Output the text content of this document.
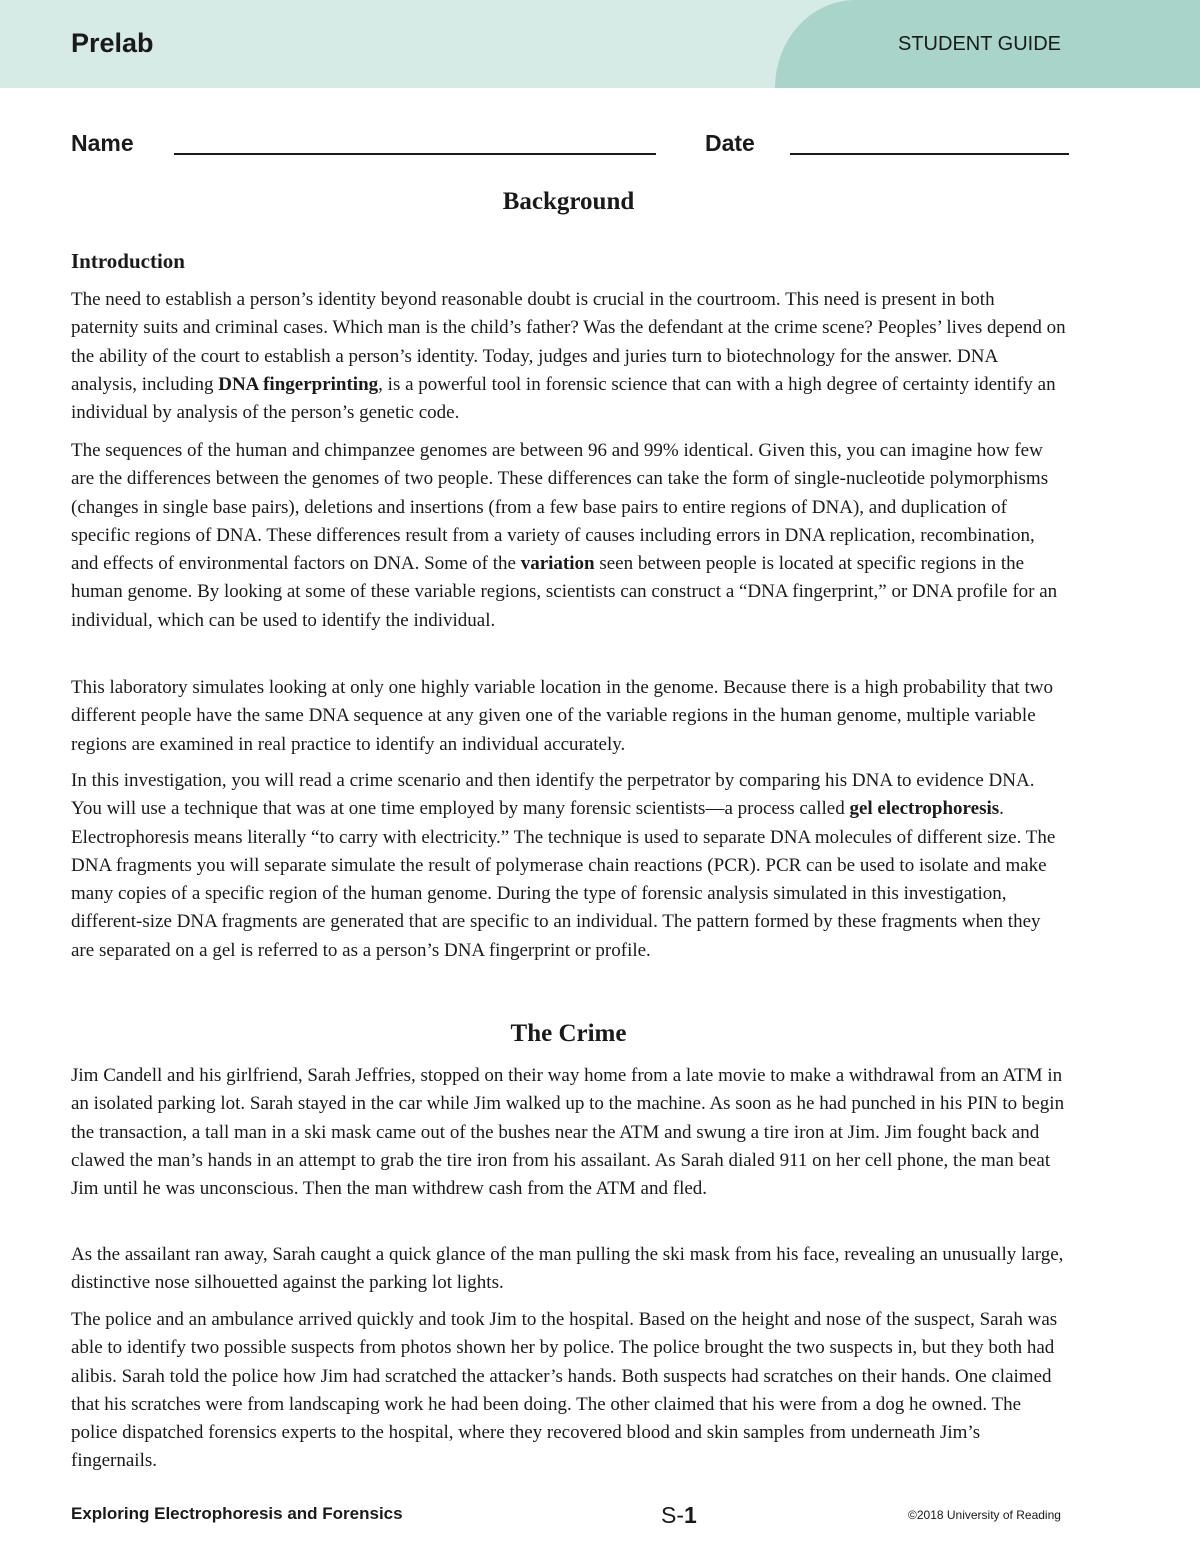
Prelab	STUDENT GUIDE
Name	Date
Background
Introduction
The need to establish a person’s identity beyond reasonable doubt is crucial in the courtroom. This need is present in both paternity suits and criminal cases. Which man is the child’s father? Was the defendant at the crime scene? Peoples’ lives depend on the ability of the court to establish a person’s identity. Today, judges and juries turn to biotechnology for the answer. DNA analysis, including DNA fingerprinting, is a powerful tool in forensic science that can with a high degree of certainty identify an individual by analysis of the person’s genetic code.
The sequences of the human and chimpanzee genomes are between 96 and 99% identical. Given this, you can imagine how few are the differences between the genomes of two people. These differences can take the form of single-nucleotide polymorphisms (changes in single base pairs), deletions and insertions (from a few base pairs to entire regions of DNA), and duplication of specific regions of DNA. These differences result from a variety of causes including errors in DNA replication, recombination, and effects of environmental factors on DNA. Some of the variation seen between people is located at specific regions in the human genome. By looking at some of these variable regions, scientists can construct a “DNA fingerprint,” or DNA profile for an individual, which can be used to identify the individual.
This laboratory simulates looking at only one highly variable location in the genome. Because there is a high probability that two different people have the same DNA sequence at any given one of the variable regions in the human genome, multiple variable regions are examined in real practice to identify an individual accurately.
In this investigation, you will read a crime scenario and then identify the perpetrator by comparing his DNA to evidence DNA. You will use a technique that was at one time employed by many forensic scientists—a process called gel electrophoresis. Electrophoresis means literally “to carry with electricity.” The technique is used to separate DNA molecules of different size. The DNA fragments you will separate simulate the result of polymerase chain reactions (PCR). PCR can be used to isolate and make many copies of a specific region of the human genome. During the type of forensic analysis simulated in this investigation, different-size DNA fragments are generated that are specific to an individual. The pattern formed by these fragments when they are separated on a gel is referred to as a person’s DNA fingerprint or profile.
The Crime
Jim Candell and his girlfriend, Sarah Jeffries, stopped on their way home from a late movie to make a withdrawal from an ATM in an isolated parking lot. Sarah stayed in the car while Jim walked up to the machine. As soon as he had punched in his PIN to begin the transaction, a tall man in a ski mask came out of the bushes near the ATM and swung a tire iron at Jim. Jim fought back and clawed the man’s hands in an attempt to grab the tire iron from his assailant. As Sarah dialed 911 on her cell phone, the man beat Jim until he was unconscious. Then the man withdrew cash from the ATM and fled.
As the assailant ran away, Sarah caught a quick glance of the man pulling the ski mask from his face, revealing an unusually large, distinctive nose silhouetted against the parking lot lights.
The police and an ambulance arrived quickly and took Jim to the hospital. Based on the height and nose of the suspect, Sarah was able to identify two possible suspects from photos shown her by police. The police brought the two suspects in, but they both had alibis. Sarah told the police how Jim had scratched the attacker’s hands. Both suspects had scratches on their hands. One claimed that his scratches were from landscaping work he had been doing. The other claimed that his were from a dog he owned. The police dispatched forensics experts to the hospital, where they recovered blood and skin samples from underneath Jim’s fingernails.
Exploring Electrophoresis and Forensics	S-1	©2018 University of Reading
